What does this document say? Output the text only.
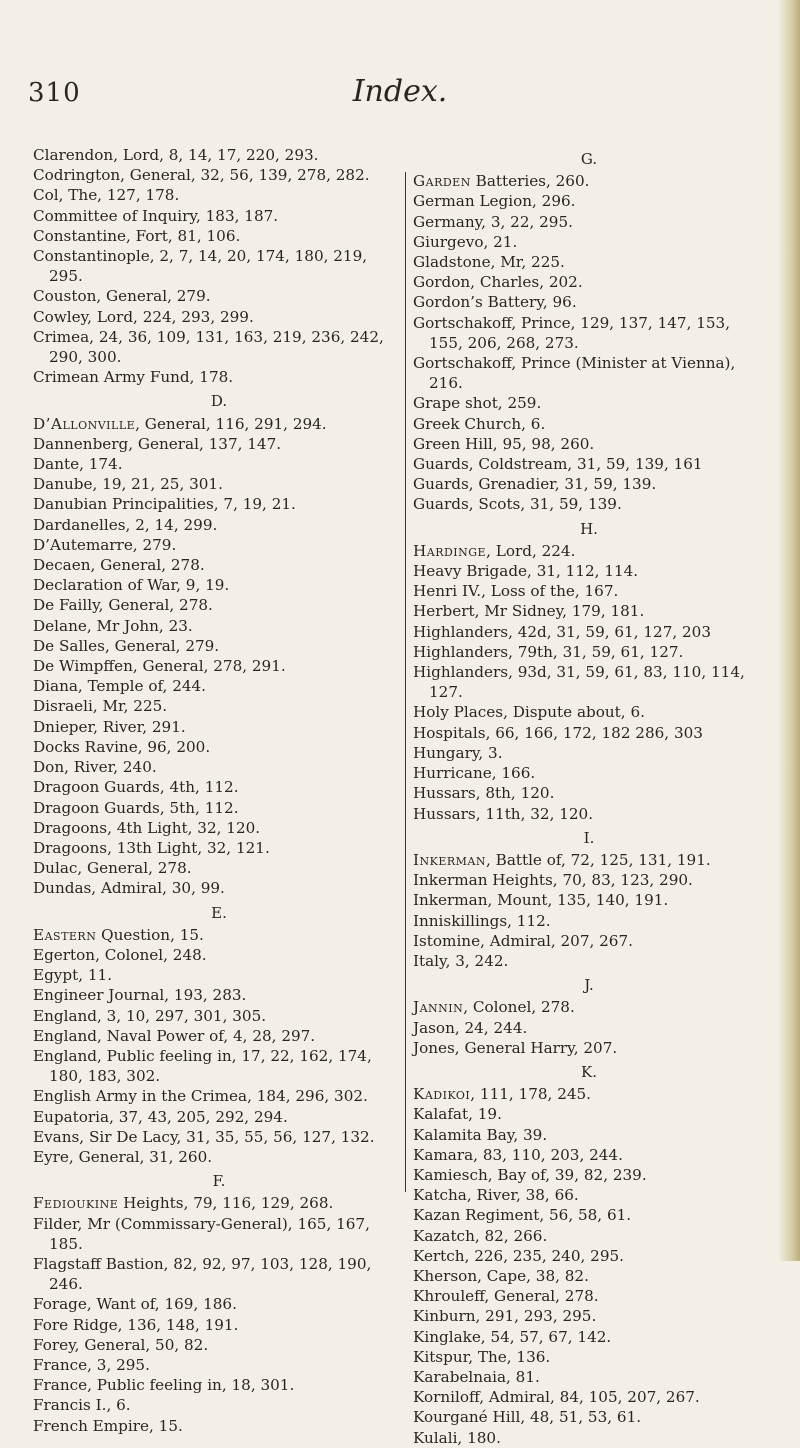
310	Index.
Clarendon, Lord, 8, 14, 17, 220, 293.
Codrington, General, 32, 56, 139, 278, 282.
Col, The, 127, 178.
Committee of Inquiry, 183, 187.
Constantine, Fort, 81, 106.
Constantinople, 2, 7, 14, 20, 174, 180, 219, 295.
Couston, General, 279.
Cowley, Lord, 224, 293, 299.
Crimea, 24, 36, 109, 131, 163, 219, 236, 242, 290, 300.
Crimean Army Fund, 178.
D.
D’Allonville, General, 116, 291, 294.
Dannenberg, General, 137, 147.
Dante, 174.
Danube, 19, 21, 25, 301.
Danubian Principalities, 7, 19, 21.
Dardanelles, 2, 14, 299.
D’Autemarre, 279.
Decaen, General, 278.
Declaration of War, 9, 19.
De Failly, General, 278.
Delane, Mr John, 23.
De Salles, General, 279.
De Wimpffen, General, 278, 291.
Diana, Temple of, 244.
Disraeli, Mr, 225.
Dnieper, River, 291.
Docks Ravine, 96, 200.
Don, River, 240.
Dragoon Guards, 4th, 112.
Dragoon Guards, 5th, 112.
Dragoons, 4th Light, 32, 120.
Dragoons, 13th Light, 32, 121.
Dulac, General, 278.
Dundas, Admiral, 30, 99.
E.
Eastern Question, 15.
Egerton, Colonel, 248.
Egypt, 11.
Engineer Journal, 193, 283.
England, 3, 10, 297, 301, 305.
England, Naval Power of, 4, 28, 297.
England, Public feeling in, 17, 22, 162, 174, 180, 183, 302.
English Army in the Crimea, 184, 296, 302.
Eupatoria, 37, 43, 205, 292, 294.
Evans, Sir De Lacy, 31, 35, 55, 56, 127, 132.
Eyre, General, 31, 260.
F.
Fedioukine Heights, 79, 116, 129, 268.
Filder, Mr (Commissary-General), 165, 167, 185.
Flagstaff Bastion, 82, 92, 97, 103, 128, 190, 246.
Forage, Want of, 169, 186.
Fore Ridge, 136, 148, 191.
Forey, General, 50, 82.
France, 3, 295.
France, Public feeling in, 18, 301.
Francis I., 6.
French Empire, 15.
G.
Garden Batteries, 260.
German Legion, 296.
Germany, 3, 22, 295.
Giurgevo, 21.
Gladstone, Mr, 225.
Gordon, Charles, 202.
Gordon’s Battery, 96.
Gortschakoff, Prince, 129, 137, 147, 153, 155, 206, 268, 273.
Gortschakoff, Prince (Minister at Vienna), 216.
Grape shot, 259.
Greek Church, 6.
Green Hill, 95, 98, 260.
Guards, Coldstream, 31, 59, 139, 161
Guards, Grenadier, 31, 59, 139.
Guards, Scots, 31, 59, 139.
H.
Hardinge, Lord, 224.
Heavy Brigade, 31, 112, 114.
Henri IV., Loss of the, 167.
Herbert, Mr Sidney, 179, 181.
Highlanders, 42d, 31, 59, 61, 127, 203
Highlanders, 79th, 31, 59, 61, 127.
Highlanders, 93d, 31, 59, 61, 83, 110, 114, 127.
Holy Places, Dispute about, 6.
Hospitals, 66, 166, 172, 182 286, 303
Hungary, 3.
Hurricane, 166.
Hussars, 8th, 120.
Hussars, 11th, 32, 120.
I.
Inkerman, Battle of, 72, 125, 131, 191.
Inkerman Heights, 70, 83, 123, 290.
Inkerman, Mount, 135, 140, 191.
Inniskillings, 112.
Istomine, Admiral, 207, 267.
Italy, 3, 242.
J.
Jannin, Colonel, 278.
Jason, 24, 244.
Jones, General Harry, 207.
K.
Kadikoi, 111, 178, 245.
Kalafat, 19.
Kalamita Bay, 39.
Kamara, 83, 110, 203, 244.
Kamiesch, Bay of, 39, 82, 239.
Katcha, River, 38, 66.
Kazan Regiment, 56, 58, 61.
Kazatch, 82, 266.
Kertch, 226, 235, 240, 295.
Kherson, Cape, 38, 82.
Khrouleff, General, 278.
Kinburn, 291, 293, 295.
Kinglake, 54, 57, 67, 142.
Kitspur, The, 136.
Karabelnaia, 81.
Korniloff, Admiral, 84, 105, 207, 267.
Kourgané Hill, 48, 51, 53, 61.
Kulali, 180.
